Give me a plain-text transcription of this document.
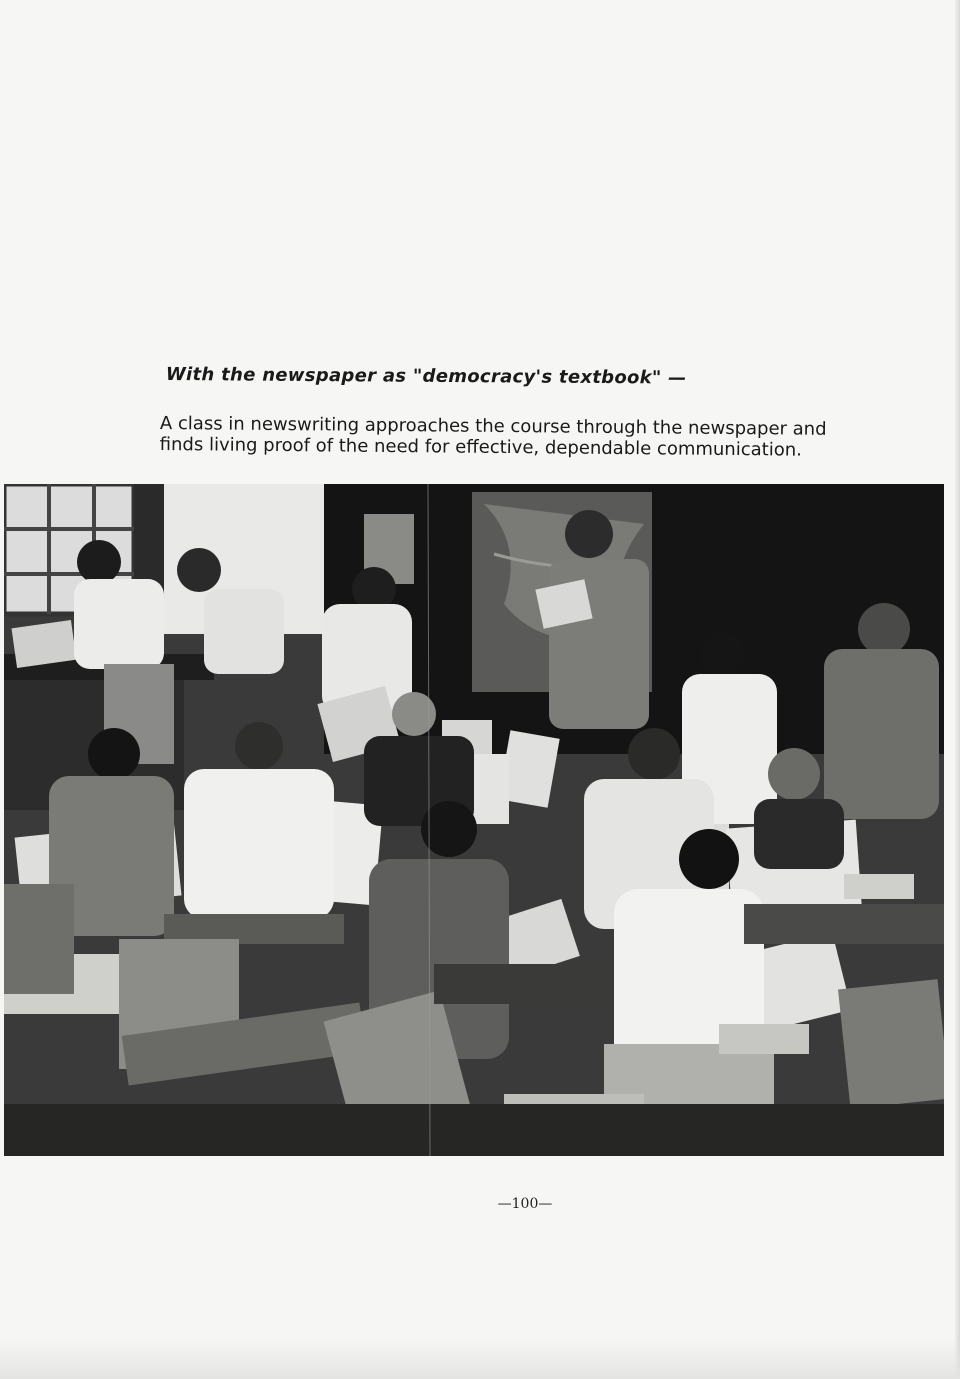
With the newspaper as "democracy's textbook" —
A class in newswriting approaches the course through the newspaper and
finds living proof of the need for effective, dependable communication.
—100—
